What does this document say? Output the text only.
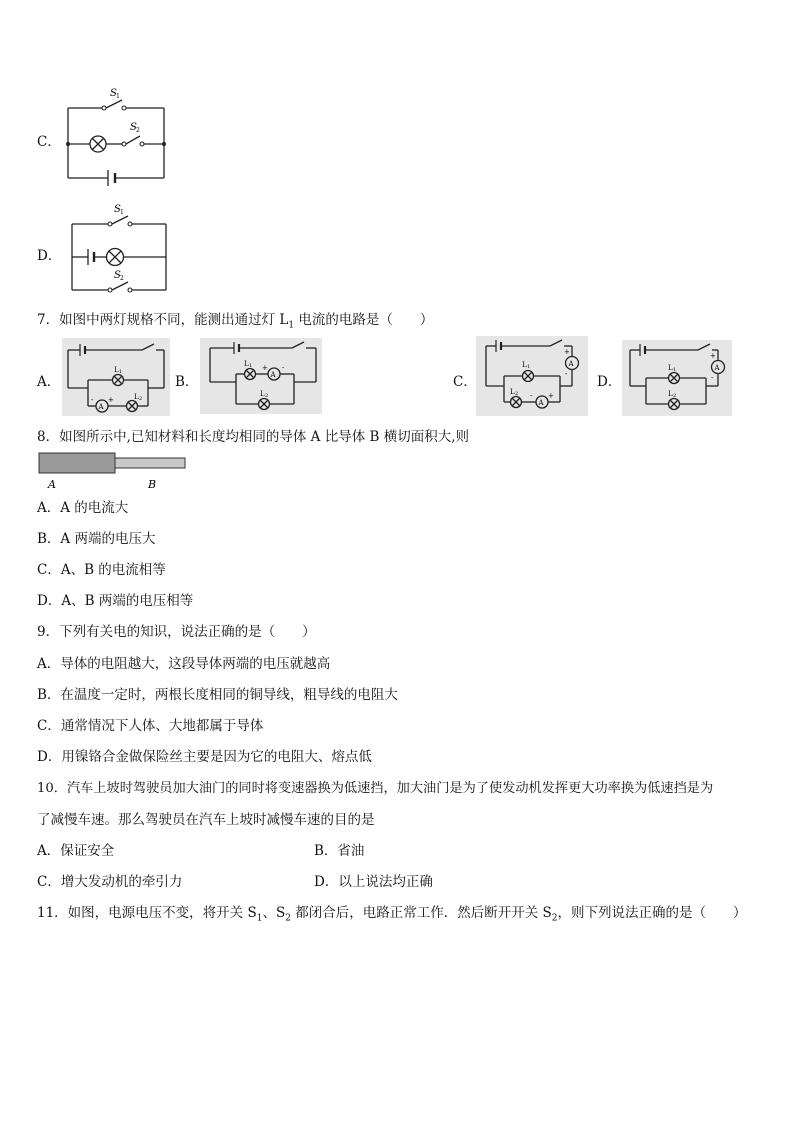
C．
S 1
S 2
D．
S 1
S 2
7．如图中两灯规格不同，能测出通过灯 $L_1$ 电流的电路是（　　）
A．	B．	C．	D．
L 1
A
- +	L 2
L 1
A
+ -
L 2
A
+
-
L 1
L 2
A
- +
A
+
-
L 1
L 2
8．如图所示中,已知材料和长度均相同的导体 A 比导体 B 横切面积大,则
A	B
A．A 的电流大
B．A 两端的电压大
C．A、B 的电流相等
D．A、B 两端的电压相等
9．下列有关电的知识，说法正确的是（　　）
A．导体的电阻越大，这段导体两端的电压就越高
B．在温度一定时，两根长度相同的铜导线，粗导线的电阻大
C．通常情况下人体、大地都属于导体
D．用镍铬合金做保险丝主要是因为它的电阻大、熔点低
10．汽车上坡时驾驶员加大油门的同时将变速器换为低速挡，加大油门是为了使发动机发挥更大功率换为低速挡是为
了减慢车速。那么驾驶员在汽车上坡时减慢车速的目的是
A．保证安全	B．省油
C．增大发动机的牵引力	D．以上说法均正确
11．如图，电源电压不变，将开关 $S_1$、$S_2$ 都闭合后，电路正常工作．然后断开开关 $S_2$，则下列说法正确的是（　　）
